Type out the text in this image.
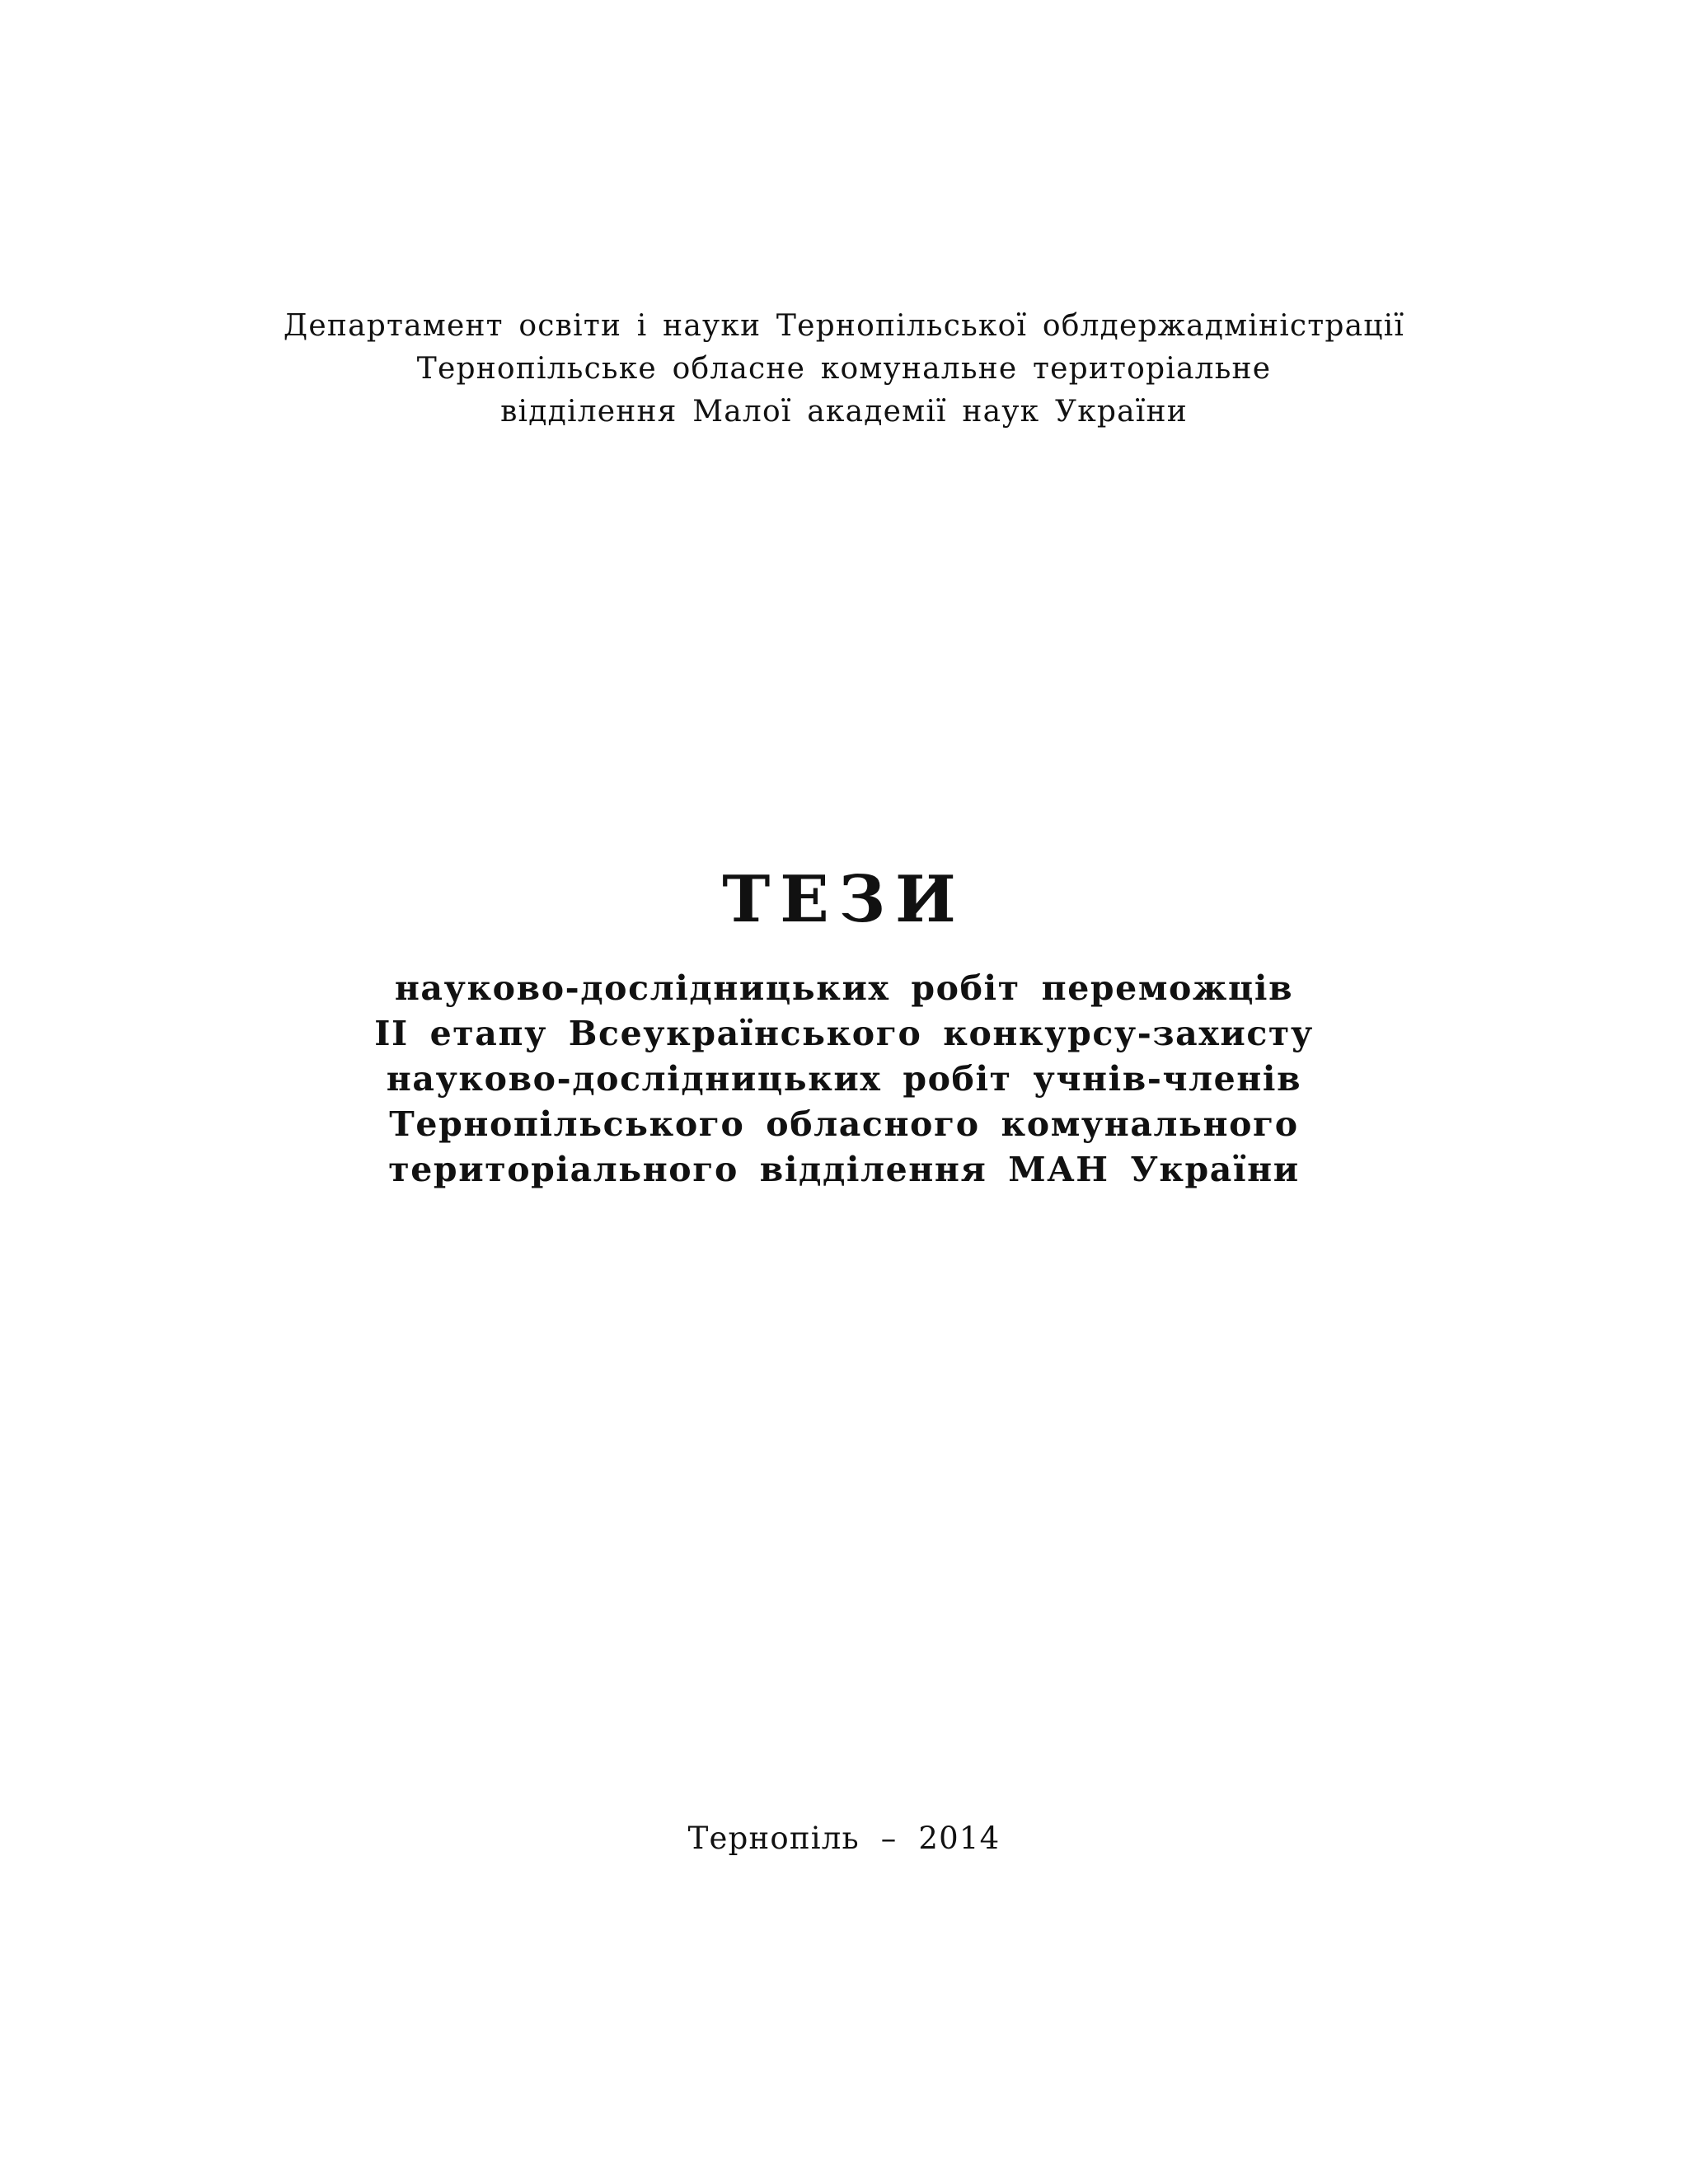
Департамент освіти і науки Тернопільської облдержадміністрації
Тернопільське обласне комунальне територіальне
відділення Малої академії наук України
ТЕЗИ
науково-дослідницьких робіт переможців
ІІ етапу Всеукраїнського конкурсу-захисту
науково-дослідницьких робіт учнів-членів
Тернопільського обласного комунального
територіального відділення МАН України
Тернопіль  –  2014
